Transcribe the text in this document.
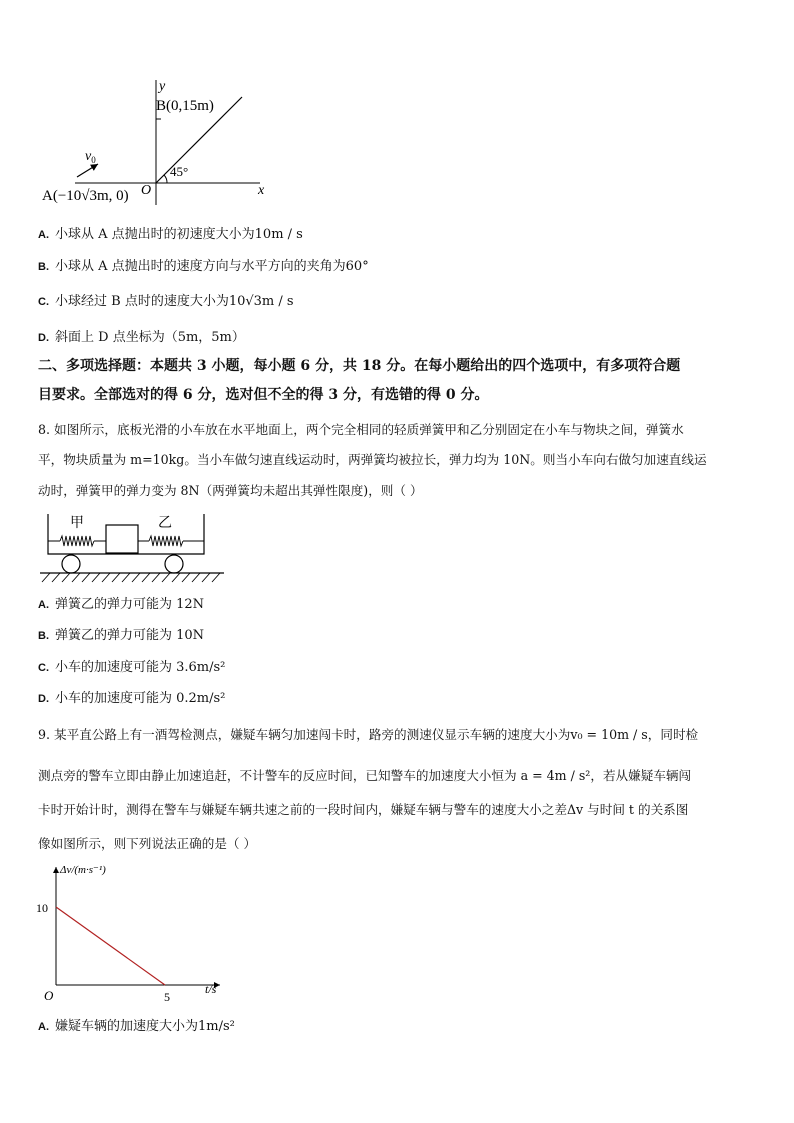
y
x
O
B(0,15m)
45°
$v_0$
A(−10√3m, 0)
A. 小球从 A 点抛出时的初速度大小为10m / s
B. 小球从 A 点抛出时的速度方向与水平方向的夹角为60°
C. 小球经过 B 点时的速度大小为10√3m / s
D. 斜面上 D 点坐标为（5m，5m）
二、多项选择题：本题共 3 小题，每小题 6 分，共 18 分。在每小题给出的四个选项中，有多项符合题
目要求。全部选对的得 6 分，选对但不全的得 3 分，有选错的得 0 分。
8. 如图所示，底板光滑的小车放在水平地面上，两个完全相同的轻质弹簧甲和乙分别固定在小车与物块之间，弹簧水
平，物块质量为 m=10kg。当小车做匀速直线运动时，两弹簧均被拉长，弹力均为 10N。则当小车向右做匀加速直线运
动时，弹簧甲的弹力变为 8N（两弹簧均未超出其弹性限度)，则（ ）
甲	乙
A. 弹簧乙的弹力可能为 12N
B. 弹簧乙的弹力可能为 10N
C. 小车的加速度可能为 3.6m/s²
D. 小车的加速度可能为 0.2m/s²
9. 某平直公路上有一酒驾检测点，嫌疑车辆匀加速闯卡时，路旁的测速仪显示车辆的速度大小为v₀ = 10m / s，同时检
测点旁的警车立即由静止加速追赶，不计警车的反应时间，已知警车的加速度大小恒为 a = 4m / s²，若从嫌疑车辆闯
卡时开始计时，测得在警车与嫌疑车辆共速之前的一段时间内，嫌疑车辆与警车的速度大小之差Δv 与时间 t 的关系图
像如图所示，则下列说法正确的是（ ）
Δv/(m·s⁻¹)
t/s
O
10
5
A. 嫌疑车辆的加速度大小为1m/s²
